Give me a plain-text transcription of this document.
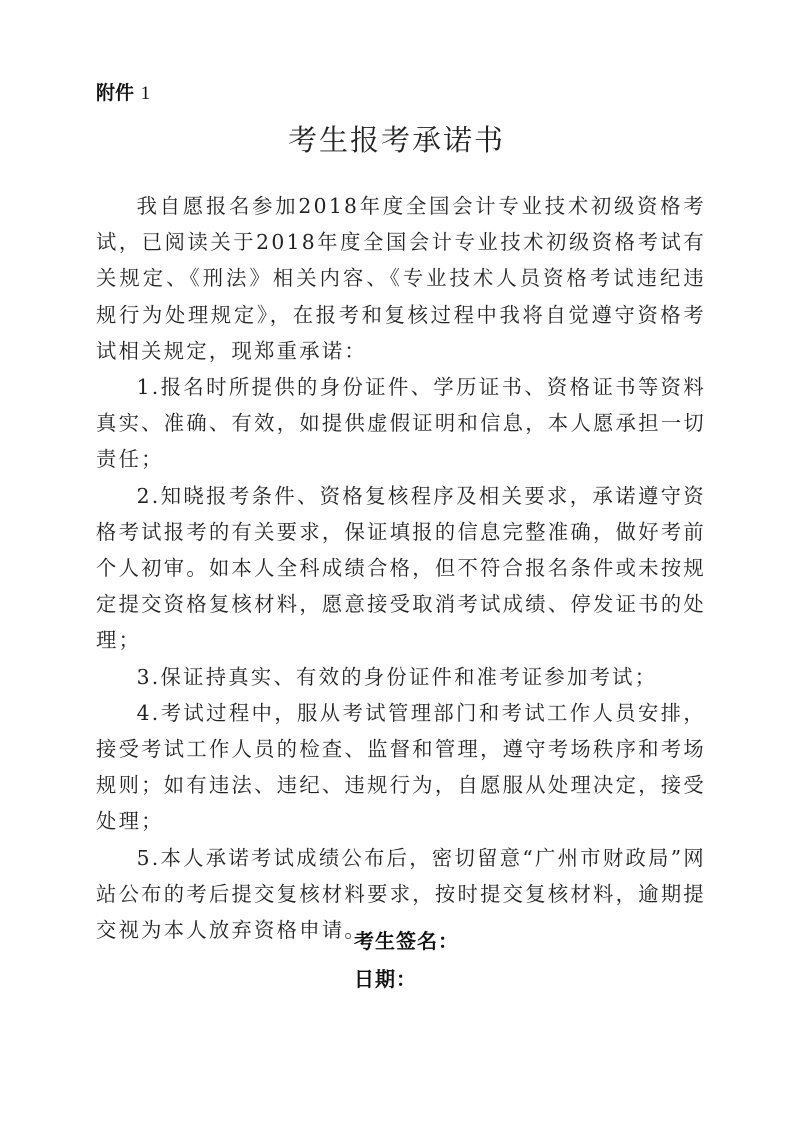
附件 1
考生报考承诺书

我自愿报名参加2018年度全国会计专业技术初级资格考试，已阅读关于2018年度全国会计专业技术初级资格考试有关规定、《刑法》相关内容、《专业技术人员资格考试违纪违规行为处理规定》，在报考和复核过程中我将自觉遵守资格考试相关规定，现郑重承诺：

1.报名时所提供的身份证件、学历证书、资格证书等资料真实、准确、有效，如提供虚假证明和信息，本人愿承担一切责任；

2.知晓报考条件、资格复核程序及相关要求，承诺遵守资格考试报考的有关要求，保证填报的信息完整准确，做好考前个人初审。如本人全科成绩合格，但不符合报名条件或未按规定提交资格复核材料，愿意接受取消考试成绩、停发证书的处理；

3.保证持真实、有效的身份证件和准考证参加考试；

4.考试过程中，服从考试管理部门和考试工作人员安排，接受考试工作人员的检查、监督和管理，遵守考场秩序和考场规则；如有违法、违纪、违规行为，自愿服从处理决定，接受处理；

5.本人承诺考试成绩公布后，密切留意“广州市财政局”网站公布的考后提交复核材料要求，按时提交复核材料，逾期提交视为本人放弃资格申请。

考生签名：
日期：
